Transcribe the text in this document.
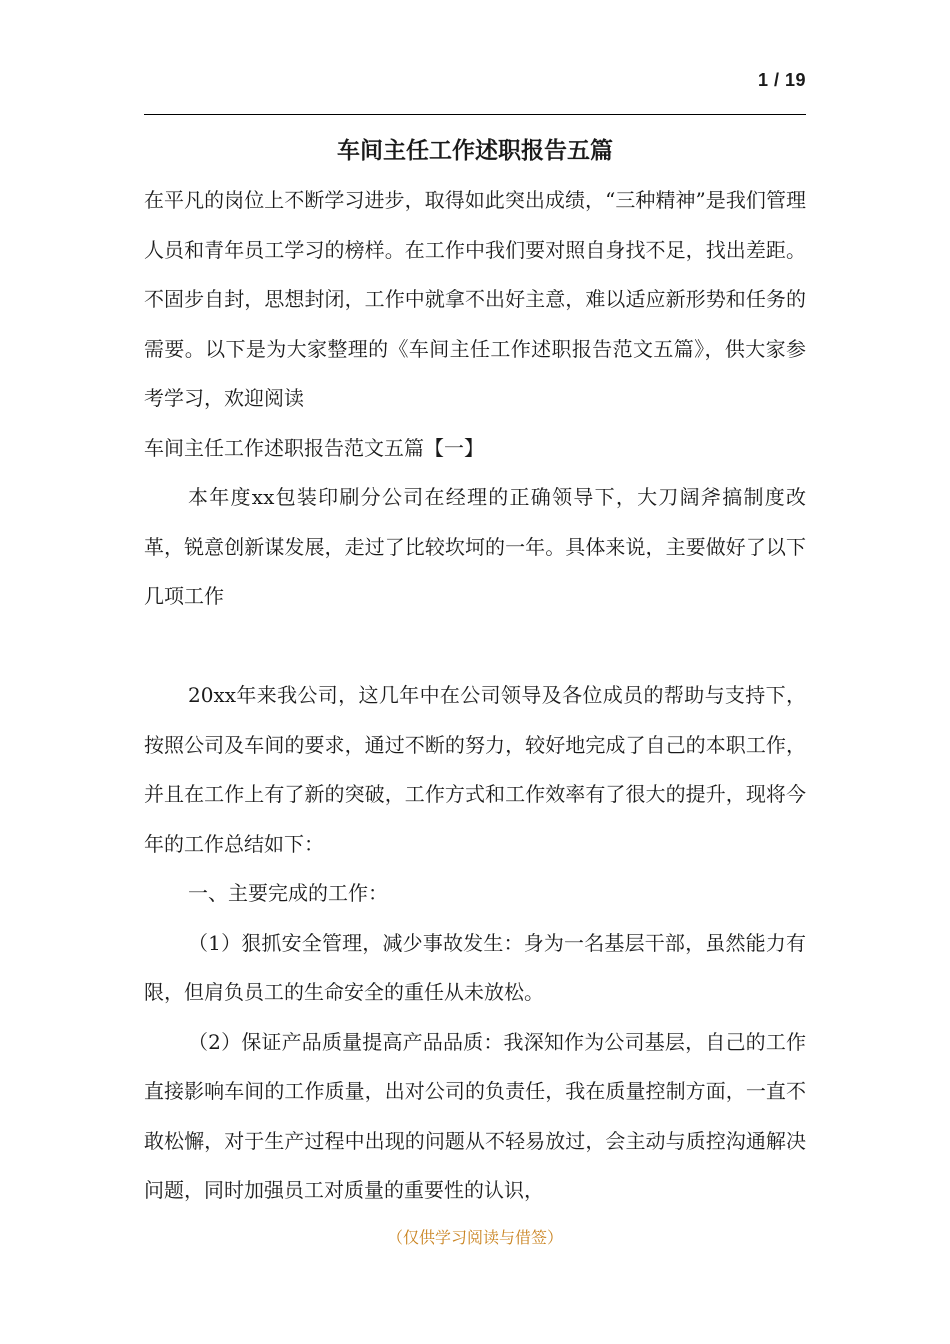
1 / 19
车间主任工作述职报告五篇

在平凡的岗位上不断学习进步，取得如此突出成绩，“三种精神”是我们管理人员和青年员工学习的榜样。在工作中我们要对照自身找不足，找出差距。不固步自封，思想封闭，工作中就拿不出好主意，难以适应新形势和任务的需要。以下是为大家整理的《车间主任工作述职报告范文五篇》，供大家参考学习，欢迎阅读

车间主任工作述职报告范文五篇【一】

本年度xx包装印刷分公司在经理的正确领导下，大刀阔斧搞制度改革，锐意创新谋发展，走过了比较坎坷的一年。具体来说，主要做好了以下几项工作

20xx年来我公司，这几年中在公司领导及各位成员的帮助与支持下，按照公司及车间的要求，通过不断的努力，较好地完成了自己的本职工作，并且在工作上有了新的突破，工作方式和工作效率有了很大的提升，现将今年的工作总结如下：

一、主要完成的工作：

（1）狠抓安全管理，减少事故发生：身为一名基层干部，虽然能力有限，但肩负员工的生命安全的重任从未放松。

（2）保证产品质量提高产品品质：我深知作为公司基层，自己的工作直接影响车间的工作质量，出对公司的负责任，我在质量控制方面，一直不敢松懈，对于生产过程中出现的问题从不轻易放过，会主动与质控沟通解决问题，同时加强员工对质量的重要性的认识，

（仅供学习阅读与借签）
